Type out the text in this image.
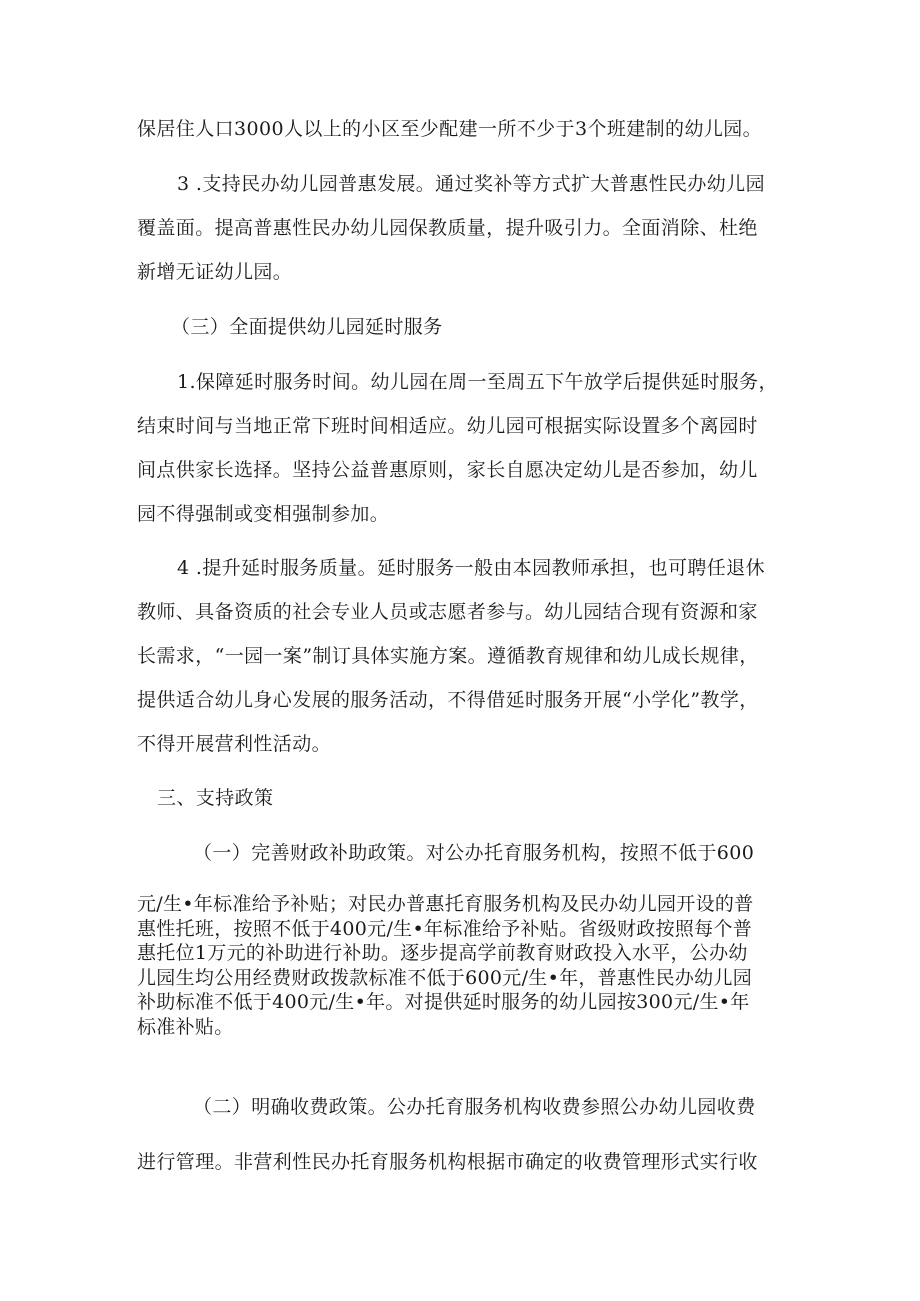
保居住人口3000人以上的小区至少配建一所不少于3个班建制的幼儿园。
3 .支持民办幼儿园普惠发展。通过奖补等方式扩大普惠性民办幼儿园
覆盖面。提高普惠性民办幼儿园保教质量，提升吸引力。全面消除、杜绝
新增无证幼儿园。
（三）全面提供幼儿园延时服务
1.保障延时服务时间。幼儿园在周一至周五下午放学后提供延时服务，
结束时间与当地正常下班时间相适应。幼儿园可根据实际设置多个离园时
间点供家长选择。坚持公益普惠原则，家长自愿决定幼儿是否参加，幼儿
园不得强制或变相强制参加。
4 .提升延时服务质量。延时服务一般由本园教师承担，也可聘任退休
教师、具备资质的社会专业人员或志愿者参与。幼儿园结合现有资源和家
长需求，“一园一案”制订具体实施方案。遵循教育规律和幼儿成长规律，
提供适合幼儿身心发展的服务活动，不得借延时服务开展“小学化”教学，
不得开展营利性活动。
三、支持政策
（一）完善财政补助政策。对公办托育服务机构，按照不低于600
元/生•年标准给予补贴；对民办普惠托育服务机构及民办幼儿园开设的普
惠性托班，按照不低于400元/生•年标准给予补贴。省级财政按照每个普
惠托位1万元的补助进行补助。逐步提高学前教育财政投入水平，公办幼
儿园生均公用经费财政拨款标准不低于600元/生•年，普惠性民办幼儿园
补助标准不低于400元/生•年。对提供延时服务的幼儿园按300元/生•年
标准补贴。
（二）明确收费政策。公办托育服务机构收费参照公办幼儿园收费
进行管理。非营利性民办托育服务机构根据市确定的收费管理形式实行收
